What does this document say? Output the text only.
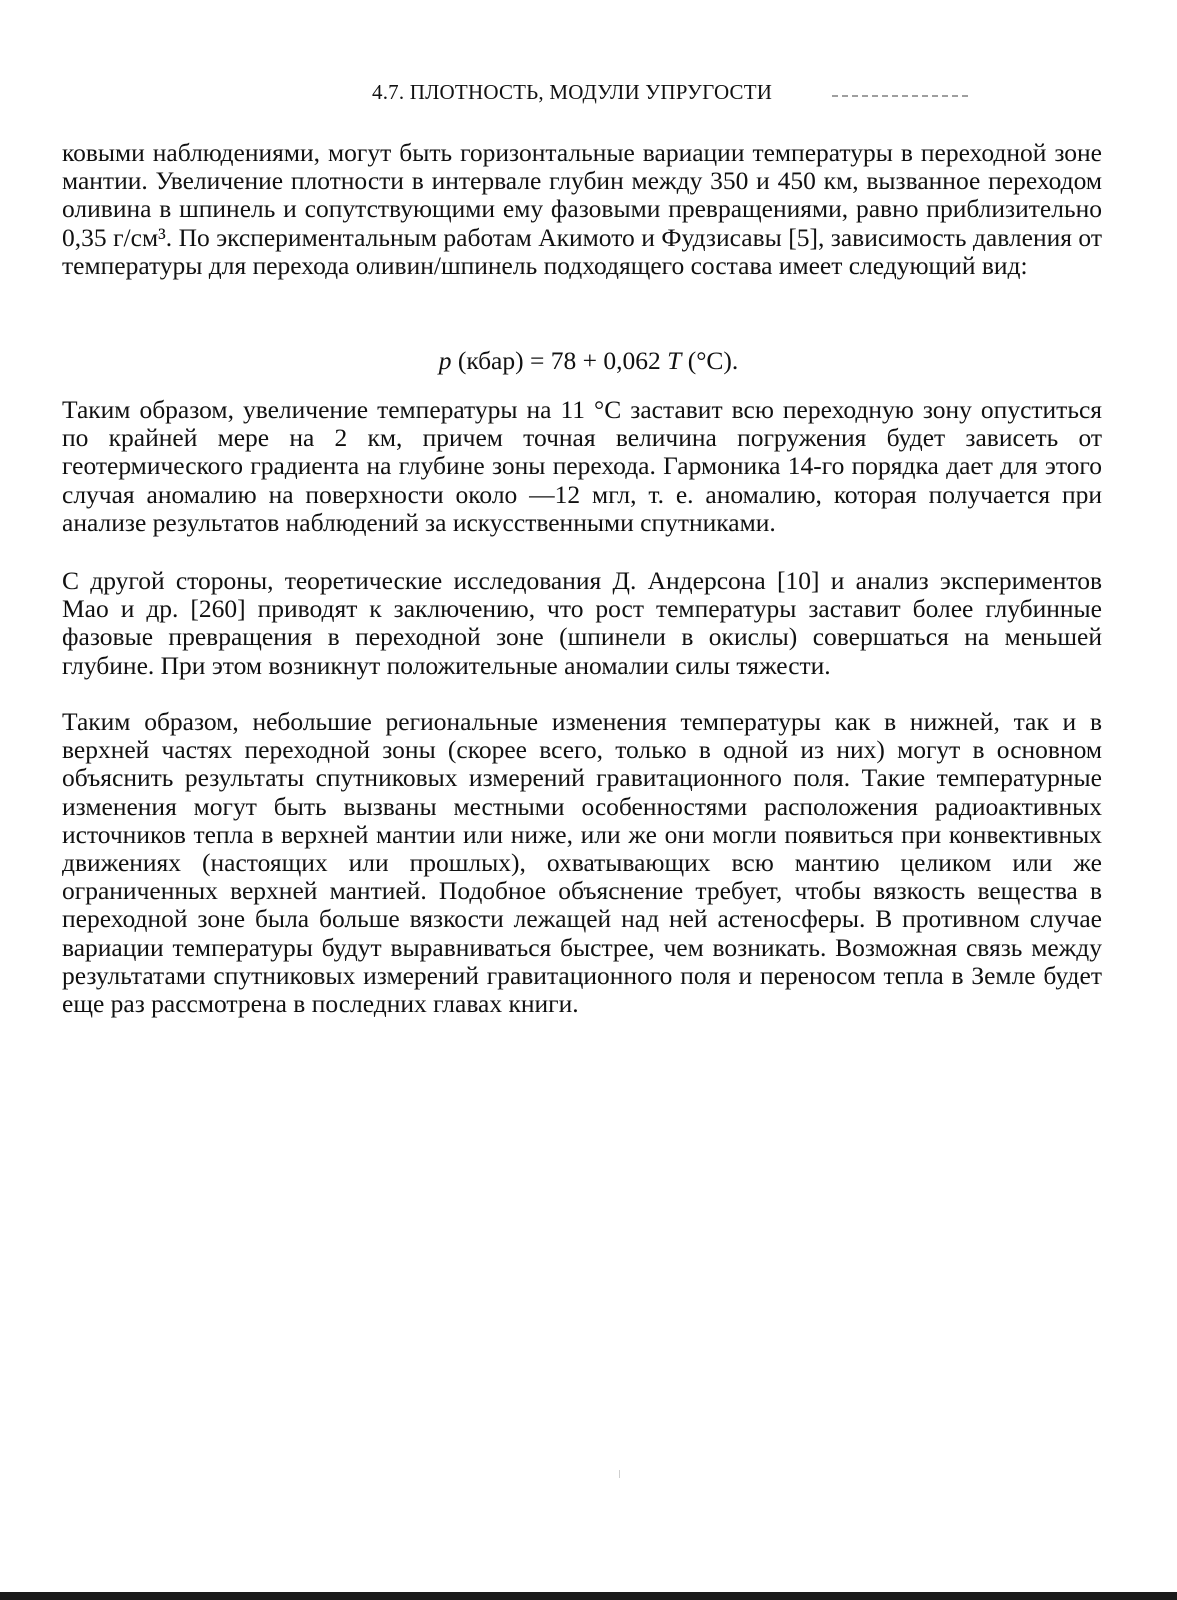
4.7. ПЛОТНОСТЬ, МОДУЛИ УПРУГОСТИ
ковыми наблюдениями, могут быть горизонтальные вариации температуры в переходной зоне мантии. Увеличение плотности в интервале глубин между 350 и 450 км, вызванное переходом оливина в шпинель и сопутствующими ему фазовыми превращениями, равно приблизительно 0,35 г/см³. По экспериментальным работам Акимото и Фудзисавы [5], зависимость давления от температуры для перехода оливин/шпинель подходящего состава имеет следующий вид:
p (кбар) = 78 + 0,062 T (°С).
Таким образом, увеличение температуры на 11 °С заставит всю переходную зону опуститься по крайней мере на 2 км, причем точная величина погружения будет зависеть от геотермического градиента на глубине зоны перехода. Гармоника 14-го порядка дает для этого случая аномалию на поверхности около —12 мгл, т. е. аномалию, которая получается при анализе результатов наблюдений за искусственными спутниками.
С другой стороны, теоретические исследования Д. Андерсона [10] и анализ экспериментов Мао и др. [260] приводят к заключению, что рост температуры заставит более глубинные фазовые превращения в переходной зоне (шпинели в окислы) совершаться на меньшей глубине. При этом возникнут положительные аномалии силы тяжести.
Таким образом, небольшие региональные изменения температуры как в нижней, так и в верхней частях переходной зоны (скорее всего, только в одной из них) могут в основном объяснить результаты спутниковых измерений гравитационного поля. Такие температурные изменения могут быть вызваны местными особенностями расположения радиоактивных источников тепла в верхней мантии или ниже, или же они могли появиться при конвективных движениях (настоящих или прошлых), охватывающих всю мантию целиком или же ограниченных верхней мантией. Подобное объяснение требует, чтобы вязкость вещества в переходной зоне была больше вязкости лежащей над ней астеносферы. В противном случае вариации температуры будут выравниваться быстрее, чем возникать. Возможная связь между результатами спутниковых измерений гравитационного поля и переносом тепла в Земле будет еще раз рассмотрена в последних главах книги.
